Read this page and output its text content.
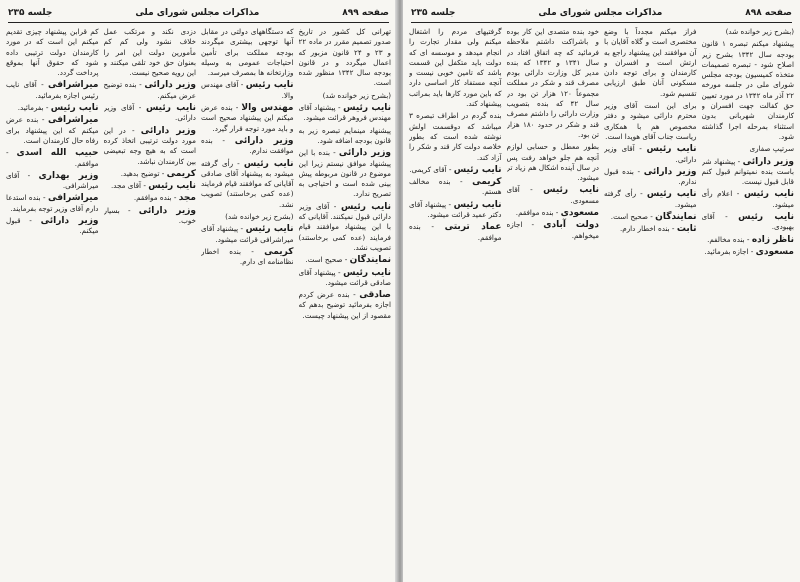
صفحه ۸۹۹
مذاکرات مجلس شورای ملی
جلسه ۲۳۵

تهرانی کل کشور در تاریخ صدور تصمیم مقرر در ماده ۲۲ و ۲۳ و ۲۴ قانون مزبور که اعمال میگردد و در قانون بودجه سال ۱۳۴۲ منظور شده است.

(بشرح زیر خوانده شد)

نایب رئیس - پیشنهاد آقای مهندس فروهر قرائت میشود.

پیشنهاد مینمایم تبصره زیر به قانون بودجه اضافه شود.

وزیر دارائی - بنده با این پیشنهاد موافق نیستم زیرا این موضوع در قانون مربوطه پیش بینی شده است و احتیاجی به تصریح ندارد.

نایب رئیس - آقای وزیر دارائی قبول نمیکنند. آقایانی که با این پیشنهاد موافقند قیام فرمایند (عده کمی برخاستند) تصویب نشد.

نمایندگان - صحیح است.

نایب رئیس - پیشنهاد آقای صادقی قرائت میشود.

صادقی - بنده عرض کردم اجازه بفرمائید توضیح بدهم که مقصود از این پیشنهاد چیست.

که دستگاههای دولتی در مقابل آنها توجهی بیشتری میگردند بودجه مملکت برای تأمین احتیاجات عمومی به وسیله وزارتخانه ها بمصرف میرسد.

نایب رئیس - آقای مهندس والا.

مهندس والا - بنده عرض میکنم این پیشنهاد صحیح است و باید مورد توجه قرار گیرد.

وزیر دارائی - بنده موافقت ندارم.

نایب رئیس - رأی گرفته میشود به پیشنهاد آقای صادقی آقایانی که موافقند قیام فرمایند (عده کمی برخاستند) تصویب نشد.

(بشرح زیر خوانده شد)

نایب رئیس - پیشنهاد آقای میراشرافی قرائت میشود.

کریمی - بنده اخطار نظامنامه ای دارم.

دزدی نکند و مرتکب عمل خلاف نشود ولی کم کم مأمورین دولت این امر را بعنوان حق خود تلقی میکنند و این رویه صحیح نیست.

وزیر دارائی - بنده توضیح عرض میکنم.

نایب رئیس - آقای وزیر دارائی.

وزیر دارائی - در این مورد دولت ترتیبی اتخاذ کرده است که به هیچ وجه تبعیضی بین کارمندان نباشد.

کریمی - توضیح بدهید.

نایب رئیس - آقای مجد.

مجد - بنده موافقم.

وزیر دارائی - بسیار خوب.

کم قرابن پیشنهاد چیزی تقدیم میکنم این است که در مورد کارمندان دولت ترتیبی داده شود که حقوق آنها بموقع پرداخت گردد.

میراشرافی - آقای نایب رئیس اجازه بفرمائید.

نایب رئیس - بفرمائید.

میراشرافی - بنده عرض میکنم که این پیشنهاد برای رفاه حال کارمندان است.

حبیب الله اسدی - موافقم.

وزیر بهداری - آقای میراشرافی.

میراشرافی - بنده استدعا دارم آقای وزیر توجه بفرمایند.

وزیر دارائی - قبول میکنم.

صفحه ۸۹۸
مذاکرات مجلس شورای ملی
جلسه ۲۳۵

(بشرح زیر خوانده شد)

پیشنهاد میکنم تبصره ۱ قانون بودجه سال ۱۳۴۲ بشرح زیر اصلاح شود - تبصره تصمیمات متخذه کمیسیون بودجه مجلس شورای ملی در جلسه مورخه ۲۲ آذر ماه ۱۳۴۲ در مورد تعیین حق کفالت جهت افسران و کارمندان شهربانی بدون استثناء بمرحله اجرا گذاشته شود.

سرتیپ صفاری

وزیر دارائی - پیشنهاد شر باست بنده نمیتوانم قبول کنم قابل قبول نیست.

نایب رئیس - اعلام رأی میشود.

نایب رئیس - آقای بهبودی.

ناظر زاده - بنده مخالفم.

مسعودی - اجازه بفرمائید.

فراز میکنم مجدداً با وضع مختصری است و گلاه آقایان با آن موافقند این پیشنهاد راجع به ارتش است و افسران و کارمندان و برای توجه دادن مسکونی آنان طبق ارزیابی تقسیم شود.

برای این است آقای وزیر محترم دارائی میشود و دفتر مخصوص هم با همکاری ریاست جناب آقای هویدا است.

نایب رئیس - آقای وزیر دارائی.

وزیر دارائی - بنده قبول ندارم.

نایب رئیس - رأی گرفته میشود.

نمایندگان - صحیح است.

ثابت - بنده اخطار دارم.

خود بنده متصدی این کار بوده و باشراکت داشتم ملاحظه فرمائید که چه اتفاق افتاد در سال ۱۳۴۱ و ۱۳۴۲ که بنده مدیر کل وزارت دارائی بودم مصرف قند و شکر در مملکت مجموعاً ۱۲۰ هزار تن بود در سال ۴۲ که بنده بتصویب وزارت دارائی را داشتم مصرف قند و شکر در حدود ۱۸۰ هزار تن بود.

بطور معطل و حسابی لوازم آنچه هم جلو خواهد رفت پس در سال آینده اشکال هم زیاد تر میشود.

نایب رئیس - آقای مسعودی.

مسعودی - بنده موافقم.

دولت آبادی - اجازه میخواهم.

گرفتیهای مردم را اشتغال میکنم ولی مقدار تجارت را انجام میدهد و موسسه ای که دولت باید متکفل این قسمت باشد که تامین خوبی نیست و آنچه مستفاد کار اساسی دارد که باین مورد کارها باید بمراتب پیشنهاد کند.

بنده گردم در اطراف تبصره ۳ میباشد که دوقسمت اولش نوشته شده است که بطور خلاصه دولت کار قند و شکر را آزاد کند.

نایب رئیس - آقای کریمی.

کریمی - بنده مخالف هستم.

نایب رئیس - پیشنهاد آقای دکتر عمید قرائت میشود.

عماد تربتی - بنده موافقم.
